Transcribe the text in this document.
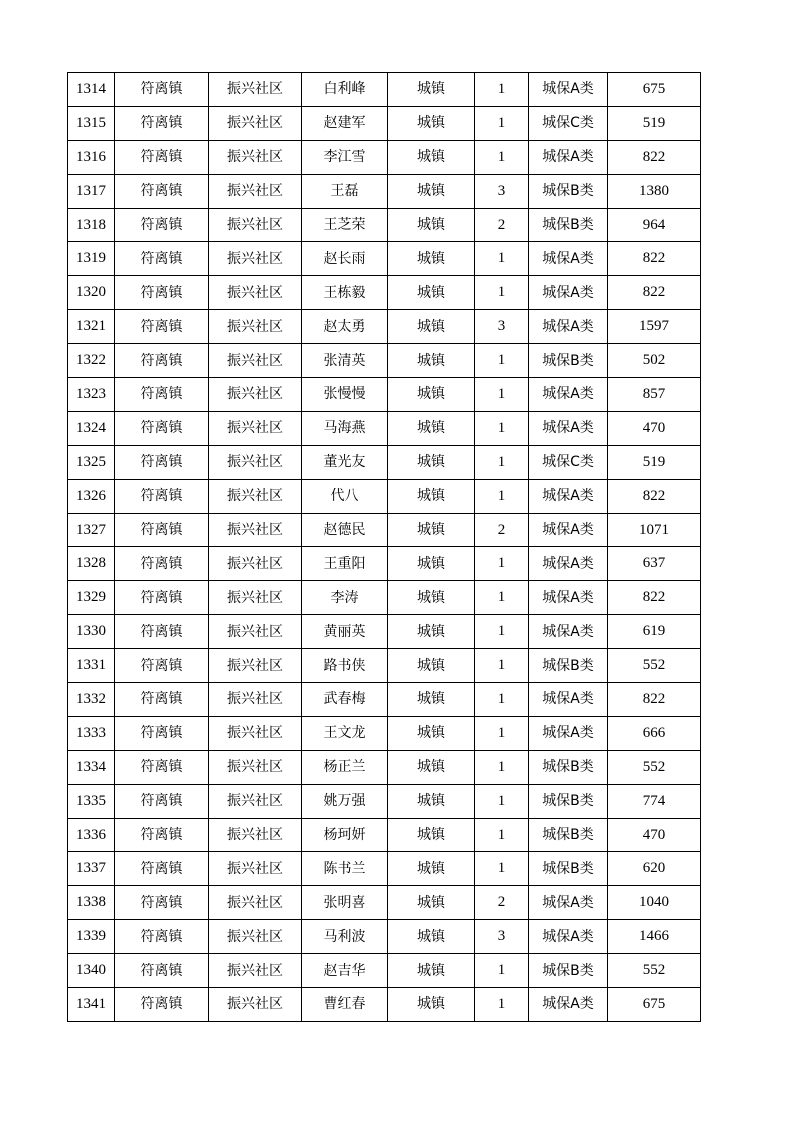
1314	符离镇	振兴社区	白利峰	城镇	1	城保A类	675
1315	符离镇	振兴社区	赵建军	城镇	1	城保C类	519
1316	符离镇	振兴社区	李江雪	城镇	1	城保A类	822
1317	符离镇	振兴社区	王磊	城镇	3	城保B类	1380
1318	符离镇	振兴社区	王芝荣	城镇	2	城保B类	964
1319	符离镇	振兴社区	赵长雨	城镇	1	城保A类	822
1320	符离镇	振兴社区	王栋毅	城镇	1	城保A类	822
1321	符离镇	振兴社区	赵太勇	城镇	3	城保A类	1597
1322	符离镇	振兴社区	张清英	城镇	1	城保B类	502
1323	符离镇	振兴社区	张慢慢	城镇	1	城保A类	857
1324	符离镇	振兴社区	马海燕	城镇	1	城保A类	470
1325	符离镇	振兴社区	董光友	城镇	1	城保C类	519
1326	符离镇	振兴社区	代八	城镇	1	城保A类	822
1327	符离镇	振兴社区	赵德民	城镇	2	城保A类	1071
1328	符离镇	振兴社区	王重阳	城镇	1	城保A类	637
1329	符离镇	振兴社区	李涛	城镇	1	城保A类	822
1330	符离镇	振兴社区	黄丽英	城镇	1	城保A类	619
1331	符离镇	振兴社区	路书侠	城镇	1	城保B类	552
1332	符离镇	振兴社区	武春梅	城镇	1	城保A类	822
1333	符离镇	振兴社区	王文龙	城镇	1	城保A类	666
1334	符离镇	振兴社区	杨正兰	城镇	1	城保B类	552
1335	符离镇	振兴社区	姚万强	城镇	1	城保B类	774
1336	符离镇	振兴社区	杨珂妍	城镇	1	城保B类	470
1337	符离镇	振兴社区	陈书兰	城镇	1	城保B类	620
1338	符离镇	振兴社区	张明喜	城镇	2	城保A类	1040
1339	符离镇	振兴社区	马利波	城镇	3	城保A类	1466
1340	符离镇	振兴社区	赵吉华	城镇	1	城保B类	552
1341	符离镇	振兴社区	曹红春	城镇	1	城保A类	675
